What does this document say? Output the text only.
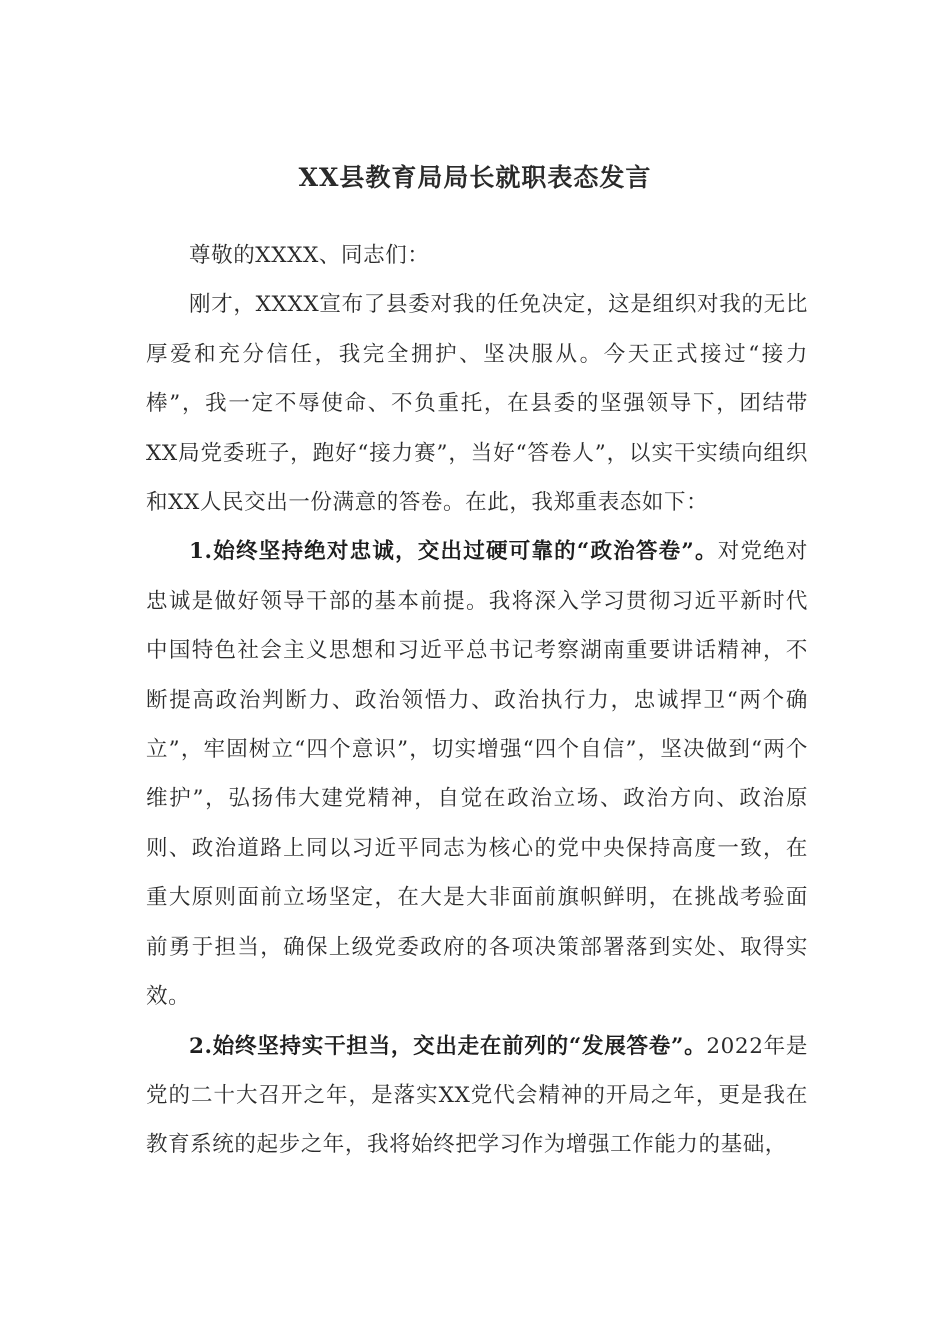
XX县教育局局长就职表态发言

尊敬的XXXX、同志们：

刚才，XXXX宣布了县委对我的任免决定，这是组织对我的无比厚爱和充分信任，我完全拥护、坚决服从。今天正式接过“接力棒”，我一定不辱使命、不负重托，在县委的坚强领导下，团结带XX局党委班子，跑好“接力赛”，当好“答卷人”，以实干实绩向组织和XX人民交出一份满意的答卷。在此，我郑重表态如下：

1.始终坚持绝对忠诚，交出过硬可靠的“政治答卷”。对党绝对忠诚是做好领导干部的基本前提。我将深入学习贯彻习近平新时代中国特色社会主义思想和习近平总书记考察湖南重要讲话精神，不断提高政治判断力、政治领悟力、政治执行力，忠诚捍卫“两个确立”，牢固树立“四个意识”，切实增强“四个自信”，坚决做到“两个维护”，弘扬伟大建党精神，自觉在政治立场、政治方向、政治原则、政治道路上同以习近平同志为核心的党中央保持高度一致，在重大原则面前立场坚定，在大是大非面前旗帜鲜明，在挑战考验面前勇于担当，确保上级党委政府的各项决策部署落到实处、取得实效。

2.始终坚持实干担当，交出走在前列的“发展答卷”。2022年是党的二十大召开之年，是落实XX党代会精神的开局之年，更是我在教育系统的起步之年，我将始终把学习作为增强工作能力的基础，
